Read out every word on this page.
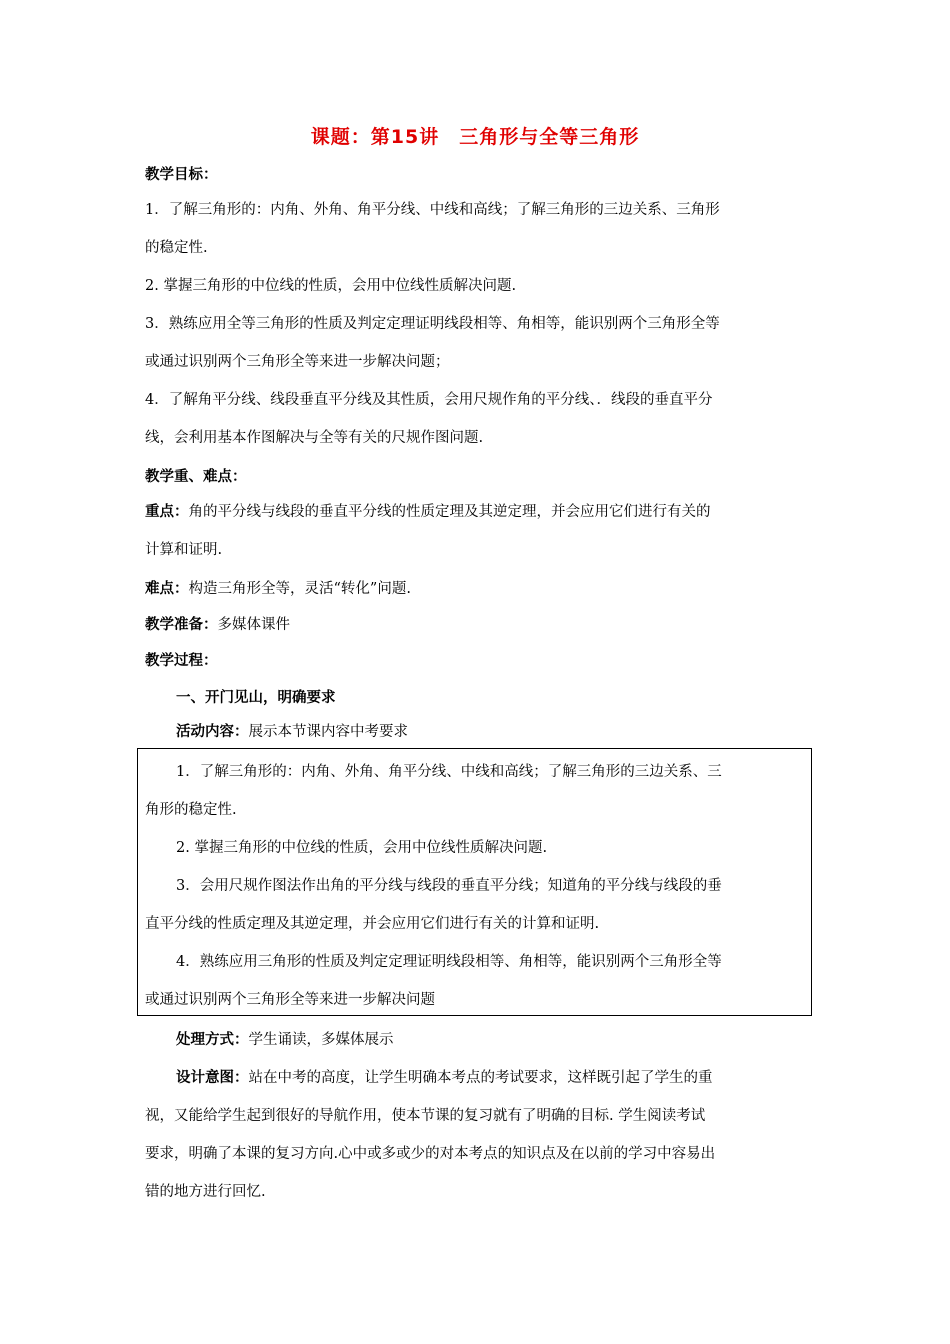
课题：第15讲　三角形与全等三角形
教学目标：
1．了解三角形的：内角、外角、角平分线、中线和高线；了解三角形的三边关系、三角形
的稳定性.
2. 掌握三角形的中位线的性质，会用中位线性质解决问题.
3．熟练应用全等三角形的性质及判定定理证明线段相等、角相等，能识别两个三角形全等
或通过识别两个三角形全等来进一步解决问题；
4．了解角平分线、线段垂直平分线及其性质，会用尺规作角的平分线、．线段的垂直平分
线，会利用基本作图解决与全等有关的尺规作图问题.
教学重、难点：
重点：角的平分线与线段的垂直平分线的性质定理及其逆定理，并会应用它们进行有关的
计算和证明.
难点：构造三角形全等，灵活“转化”问题.
教学准备：多媒体课件
教学过程：
一、开门见山，明确要求
活动内容：展示本节课内容中考要求
1．了解三角形的：内角、外角、角平分线、中线和高线；了解三角形的三边关系、三
角形的稳定性.
2. 掌握三角形的中位线的性质，会用中位线性质解决问题.
3．会用尺规作图法作出角的平分线与线段的垂直平分线；知道角的平分线与线段的垂
直平分线的性质定理及其逆定理，并会应用它们进行有关的计算和证明.
4．熟练应用三角形的性质及判定定理证明线段相等、角相等，能识别两个三角形全等
或通过识别两个三角形全等来进一步解决问题
处理方式：学生诵读，多媒体展示
设计意图：站在中考的高度，让学生明确本考点的考试要求，这样既引起了学生的重
视，又能给学生起到很好的导航作用，使本节课的复习就有了明确的目标. 学生阅读考试
要求，明确了本课的复习方向.心中或多或少的对本考点的知识点及在以前的学习中容易出
错的地方进行回忆.
